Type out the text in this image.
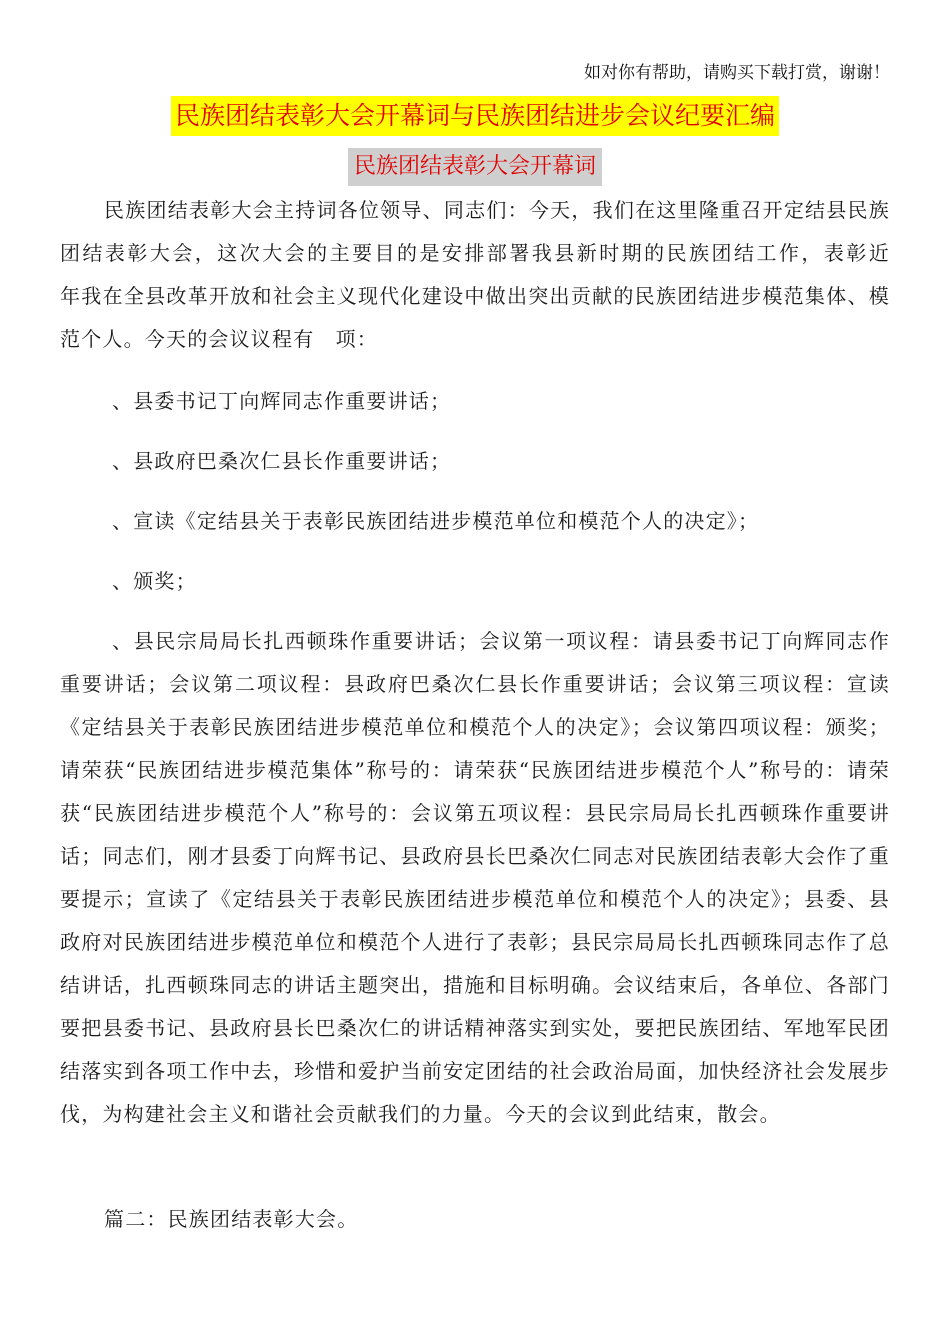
如对你有帮助，请购买下载打赏，谢谢！
民族团结表彰大会开幕词与民族团结进步会议纪要汇编
民族团结表彰大会开幕词

民族团结表彰大会主持词各位领导、同志们：今天，我们在这里隆重召开定结县民族团结表彰大会，这次大会的主要目的是安排部署我县新时期的民族团结工作，表彰近　　年我在全县改革开放和社会主义现代化建设中做出突出贡献的民族团结进步模范集体、模范个人。今天的会议议程有　项：

、县委书记丁向辉同志作重要讲话；

、县政府巴桑次仁县长作重要讲话；

、宣读《定结县关于表彰民族团结进步模范单位和模范个人的决定》；

、颁奖；

、县民宗局局长扎西顿珠作重要讲话；会议第一项议程：请县委书记丁向辉同志作重要讲话；会议第二项议程：县政府巴桑次仁县长作重要讲话；会议第三项议程：宣读《定结县关于表彰民族团结进步模范单位和模范个人的决定》；会议第四项议程：颁奖；请荣获“民族团结进步模范集体”称号的：请荣获“民族团结进步模范个人”称号的：请荣获“民族团结进步模范个人”称号的：会议第五项议程：县民宗局局长扎西顿珠作重要讲话；同志们，刚才县委丁向辉书记、县政府县长巴桑次仁同志对民族团结表彰大会作了重要提示；宣读了《定结县关于表彰民族团结进步模范单位和模范个人的决定》；县委、县政府对民族团结进步模范单位和模范个人进行了表彰；县民宗局局长扎西顿珠同志作了总结讲话，扎西顿珠同志的讲话主题突出，措施和目标明确。会议结束后，各单位、各部门要把县委书记、县政府县长巴桑次仁的讲话精神落实到实处，要把民族团结、军地军民团结落实到各项工作中去，珍惜和爱护当前安定团结的社会政治局面，加快经济社会发展步伐，为构建社会主义和谐社会贡献我们的力量。今天的会议到此结束，散会。

篇二：民族团结表彰大会。
